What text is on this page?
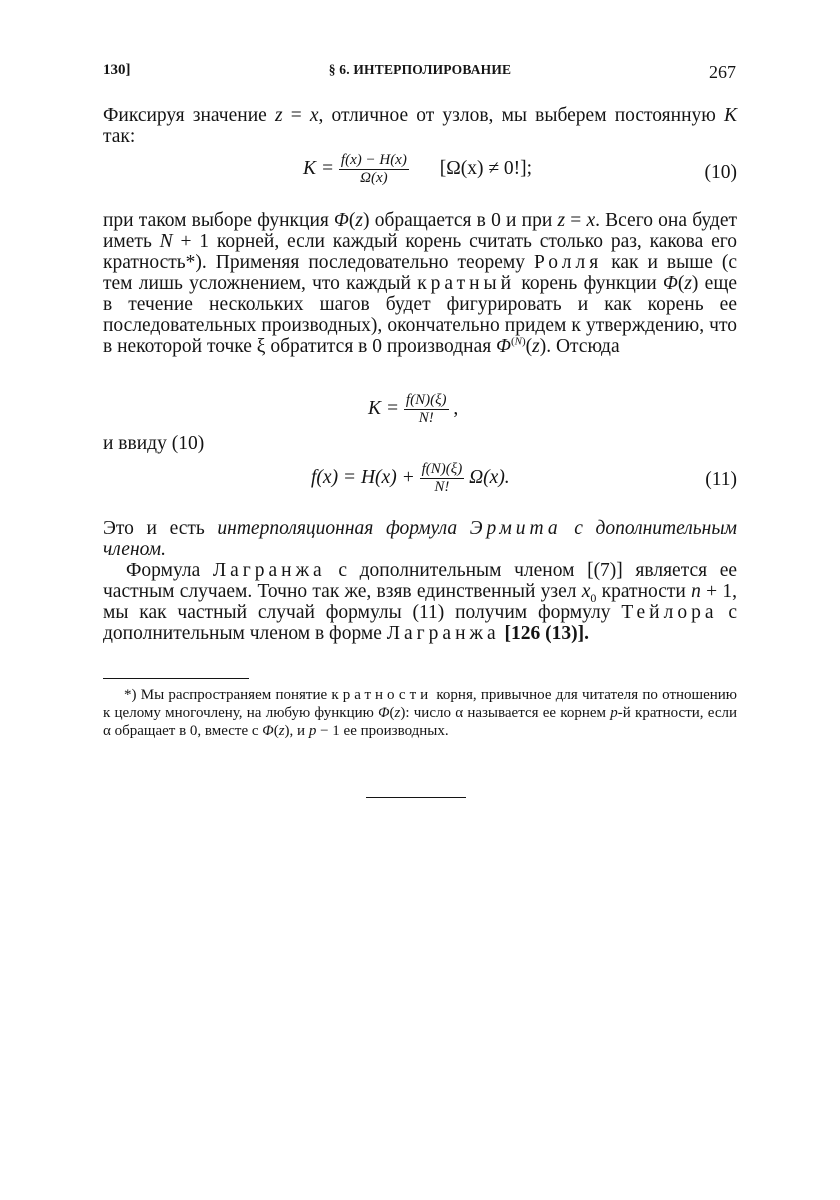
130]	§ 6. ИНТЕРПОЛИРОВАНИЕ	267

Фиксируя значение z = x, отличное от узлов, мы выберем постоянную K так:

$K = \frac{f(x) - H(x)}{\Omega(x)} [\Omega(x) \ne 0!]$;	(10)

при таком выборе функция Φ(z) обращается в 0 и при z = x. Всего она будет иметь N + 1 корней, если каждый корень считать столько раз, какова его кратность*). Применяя последовательно теорему Ролля как и выше (с тем лишь усложнением, что каждый кратный корень функции Φ(z) еще в течение нескольких шагов будет фигурировать и как корень ее последовательных производных), окончательно придем к утверждению, что в некоторой точке ξ обратится в 0 производная $\Phi^{(N)}(z)$. Отсюда

$K = \frac{f(N)(\xi)}{N!}$ ,
и ввиду (10)
$f(x) = H(x) + \frac{f(N)(\xi)}{N!} \Omega(x)$.	(11)

Это и есть интерполяционная формула Эрмита с дополнительным членом.

Формула Лагранжа с дополнительным членом [(7)] является ее частным случаем. Точно так же, взяв единственный узел $x_0$ кратности n + 1, мы как частный случай формулы (11) получим формулу Тейлора с дополнительным членом в форме Лагранжа [126 (13)].

*) Мы распространяем понятие кратности корня, привычное для читателя по отношению к целому многочлену, на любую функцию Φ(z): число α называется ее корнем p-й кратности, если α обращает в 0, вместе с Φ(z), и p − 1 ее производных.
